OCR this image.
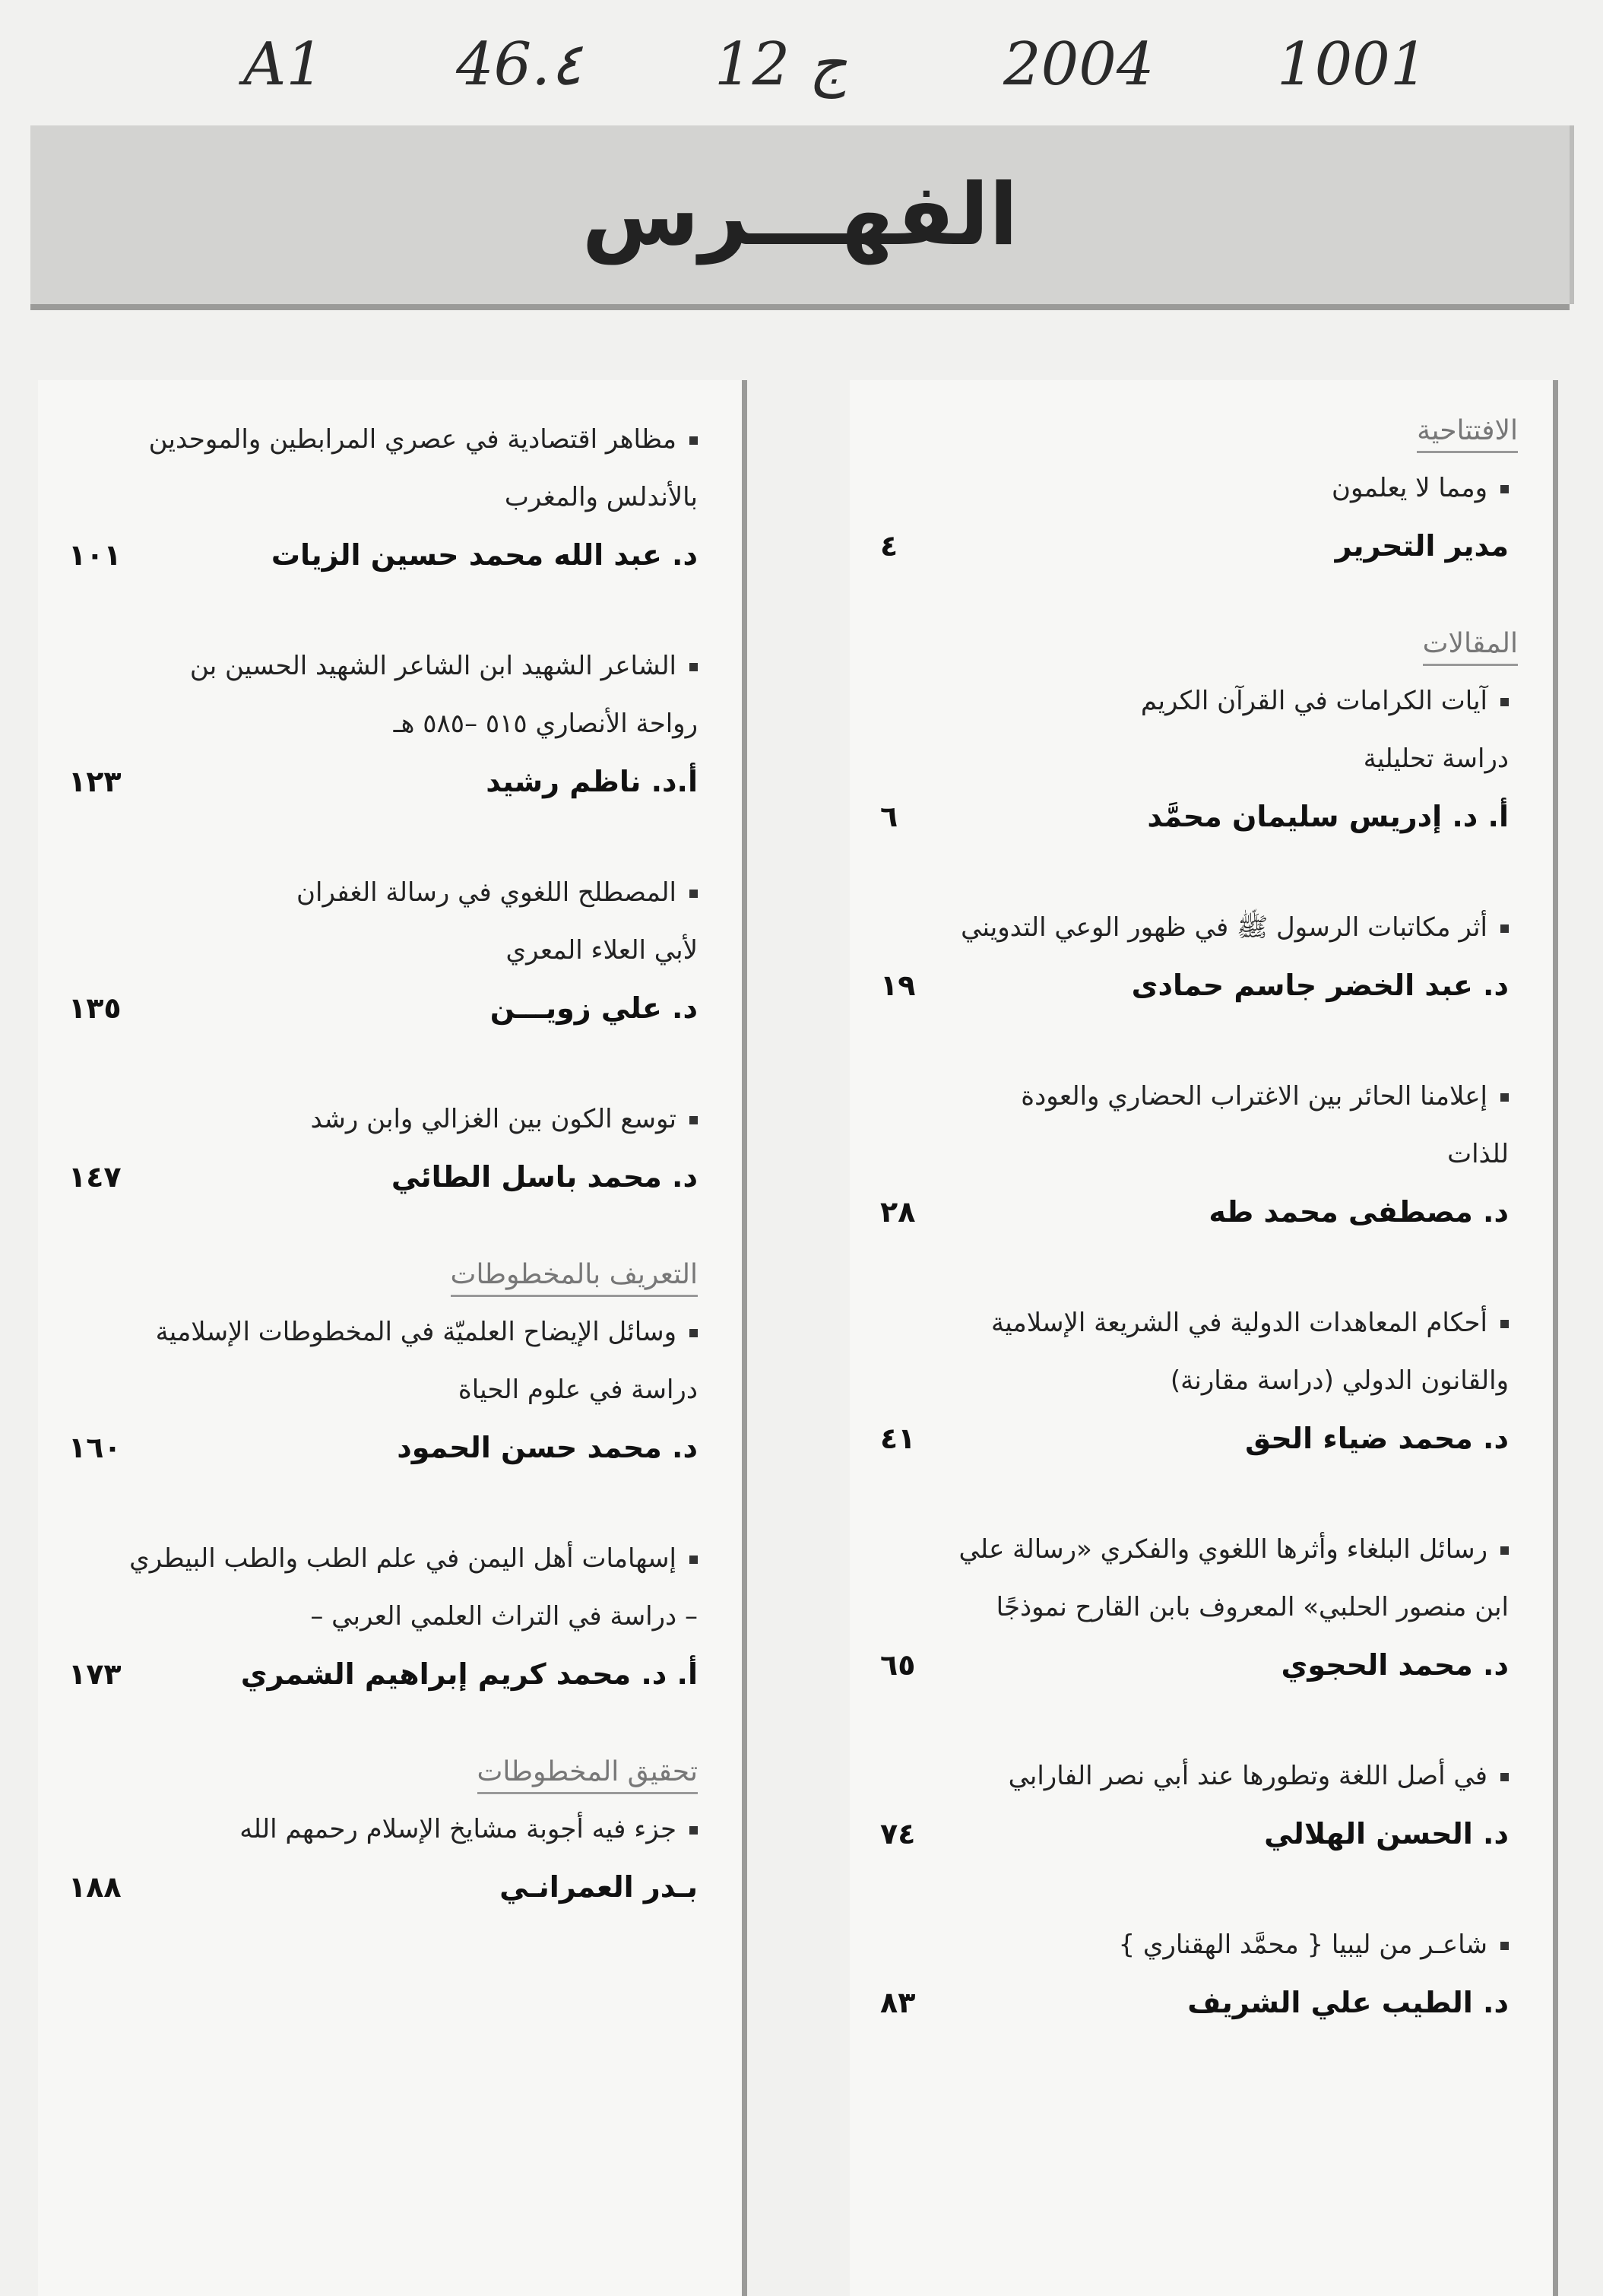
A1 46.٤ 12 ج	2004 1001
الفهـــرس
الافتتاحية
ومما لا يعلمون
مدير التحرير
٤
المقالات
آيات الكرامات في القرآن الكريم
دراسة تحليلية
أ. د. إدريس سليمان محمَّد
٦
أثر مكاتبات الرسول ﷺ في ظهور الوعي التدويني
د. عبد الخضر جاسم حمادى
١٩
إعلامنا الحائر بين الاغتراب الحضاري والعودة
للذات
د. مصطفى محمد طه
٢٨
أحكام المعاهدات الدولية في الشريعة الإسلامية
والقانون الدولي (دراسة مقارنة)
د. محمد ضياء الحق
٤١
رسائل البلغاء وأثرها اللغوي والفكري «رسالة علي
ابن منصور الحلبي» المعروف بابن القارح نموذجًا
د. محمد الحجوي
٦٥
في أصل اللغة وتطورها عند أبي نصر الفارابي
د. الحسن الهلالي
٧٤
شاعـر من ليبيا { محمَّد الهقناري }
د. الطيب علي الشريف
٨٣
مظاهر اقتصادية في عصري المرابطين والموحدين
بالأندلس والمغرب
د. عبد الله محمد حسين الزيات
١٠١
الشاعر الشهيد ابن الشاعر الشهيد الحسين بن
رواحة الأنصاري ٥١٥ –٥٨٥ هـ
أ.د. ناظم رشيد
١٢٣
المصطلح اللغوي في رسالة الغفران
لأبي العلاء المعري
د. علي زويـــن
١٣٥
توسع الكون بين الغزالي وابن رشد
د. محمد باسل الطائي
١٤٧
التعريف بالمخطوطات
وسائل الإيضاح العلميّة في المخطوطات الإسلامية
دراسة في علوم الحياة
د. محمد حسن الحمود
١٦٠
إسهامات أهل اليمن في علم الطب والطب البيطري
– دراسة في التراث العلمي العربي –
أ. د. محمد كريم إبراهيم الشمري
١٧٣
تحقيق المخطوطات
جزء فيه أجوبة مشايخ الإسلام رحمهم الله
بـدر العمرانـي
١٨٨
